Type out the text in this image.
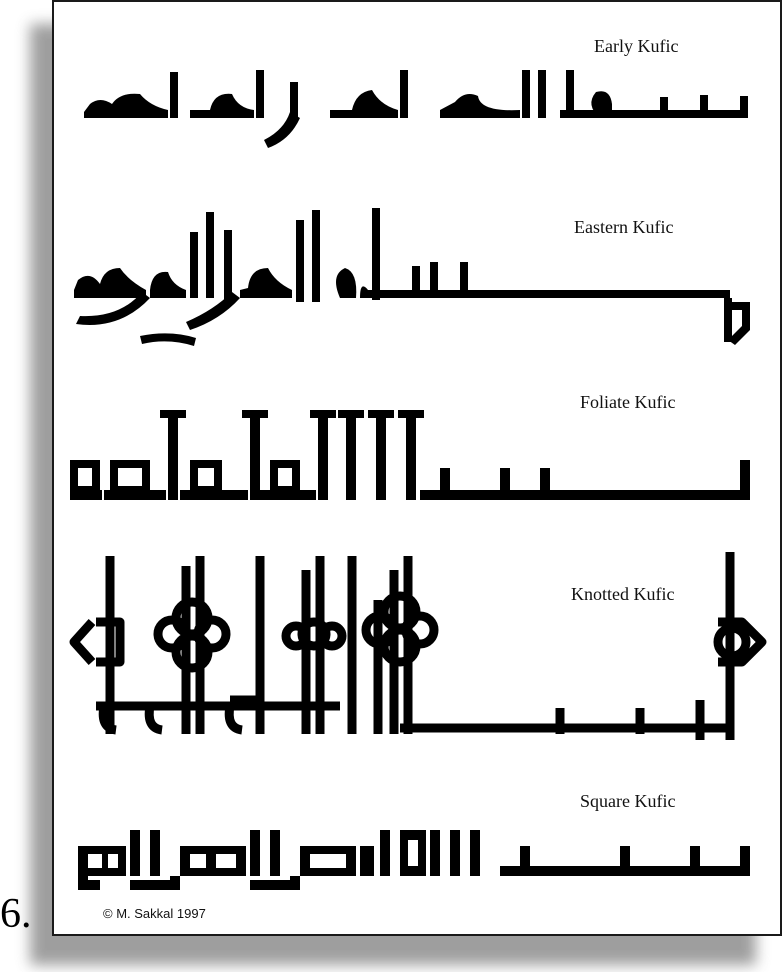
Early Kufic
Eastern Kufic
Foliate Kufic
Knotted Kufic
Square Kufic
6.	© M. Sakkal 1997
